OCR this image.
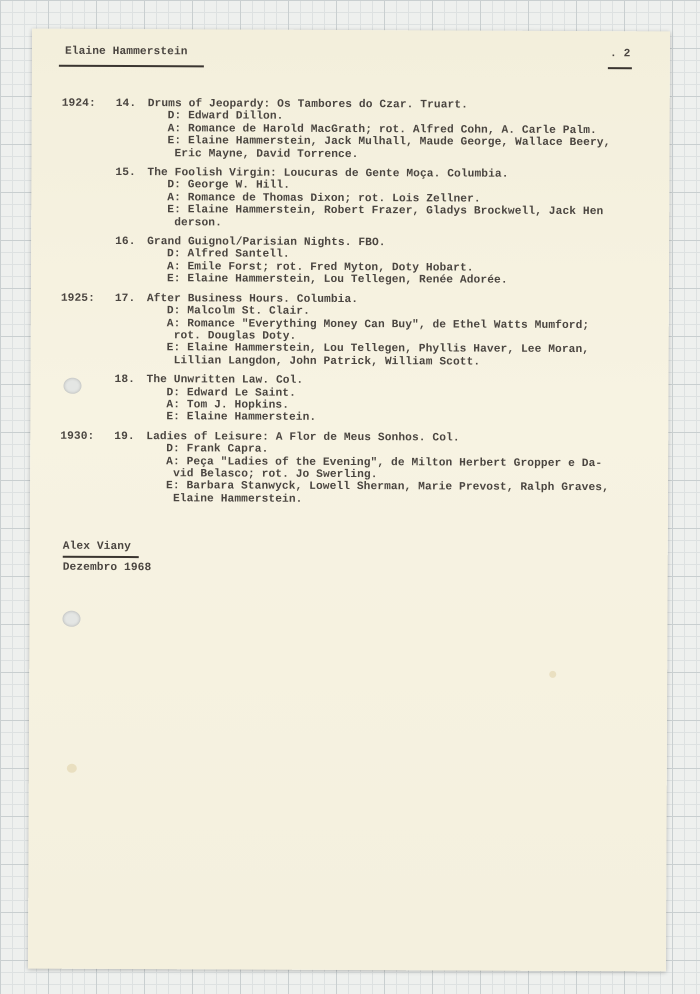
Elaine Hammerstein	. 2
1924: 14. Drums of Jeopardy: Os Tambores do Czar. Truart.
D: Edward Dillon.
A: Romance de Harold MacGrath; rot. Alfred Cohn, A. Carle Palm.
E: Elaine Hammerstein, Jack Mulhall, Maude George, Wallace Beery,
Eric Mayne, David Torrence.
15. The Foolish Virgin: Loucuras de Gente Moça. Columbia.
D: George W. Hill.
A: Romance de Thomas Dixon; rot. Lois Zellner.
E: Elaine Hammerstein, Robert Frazer, Gladys Brockwell, Jack Hen
derson.
16. Grand Guignol/Parisian Nights. FBO.
D: Alfred Santell.
A: Emile Forst; rot. Fred Myton, Doty Hobart.
E: Elaine Hammerstein, Lou Tellegen, Renée Adorée.
1925: 17. After Business Hours. Columbia.
D: Malcolm St. Clair.
A: Romance "Everything Money Can Buy", de Ethel Watts Mumford;
rot. Douglas Doty.
E: Elaine Hammerstein, Lou Tellegen, Phyllis Haver, Lee Moran,
Lillian Langdon, John Patrick, William Scott.
18. The Unwritten Law. Col.
D: Edward Le Saint.
A: Tom J. Hopkins.
E: Elaine Hammerstein.
1930: 19. Ladies of Leisure: A Flor de Meus Sonhos. Col.
D: Frank Capra.
A: Peça "Ladies of the Evening", de Milton Herbert Gropper e Da-
vid Belasco; rot. Jo Swerling.
E: Barbara Stanwyck, Lowell Sherman, Marie Prevost, Ralph Graves,
Elaine Hammerstein.
Alex Viany
Dezembro 1968
